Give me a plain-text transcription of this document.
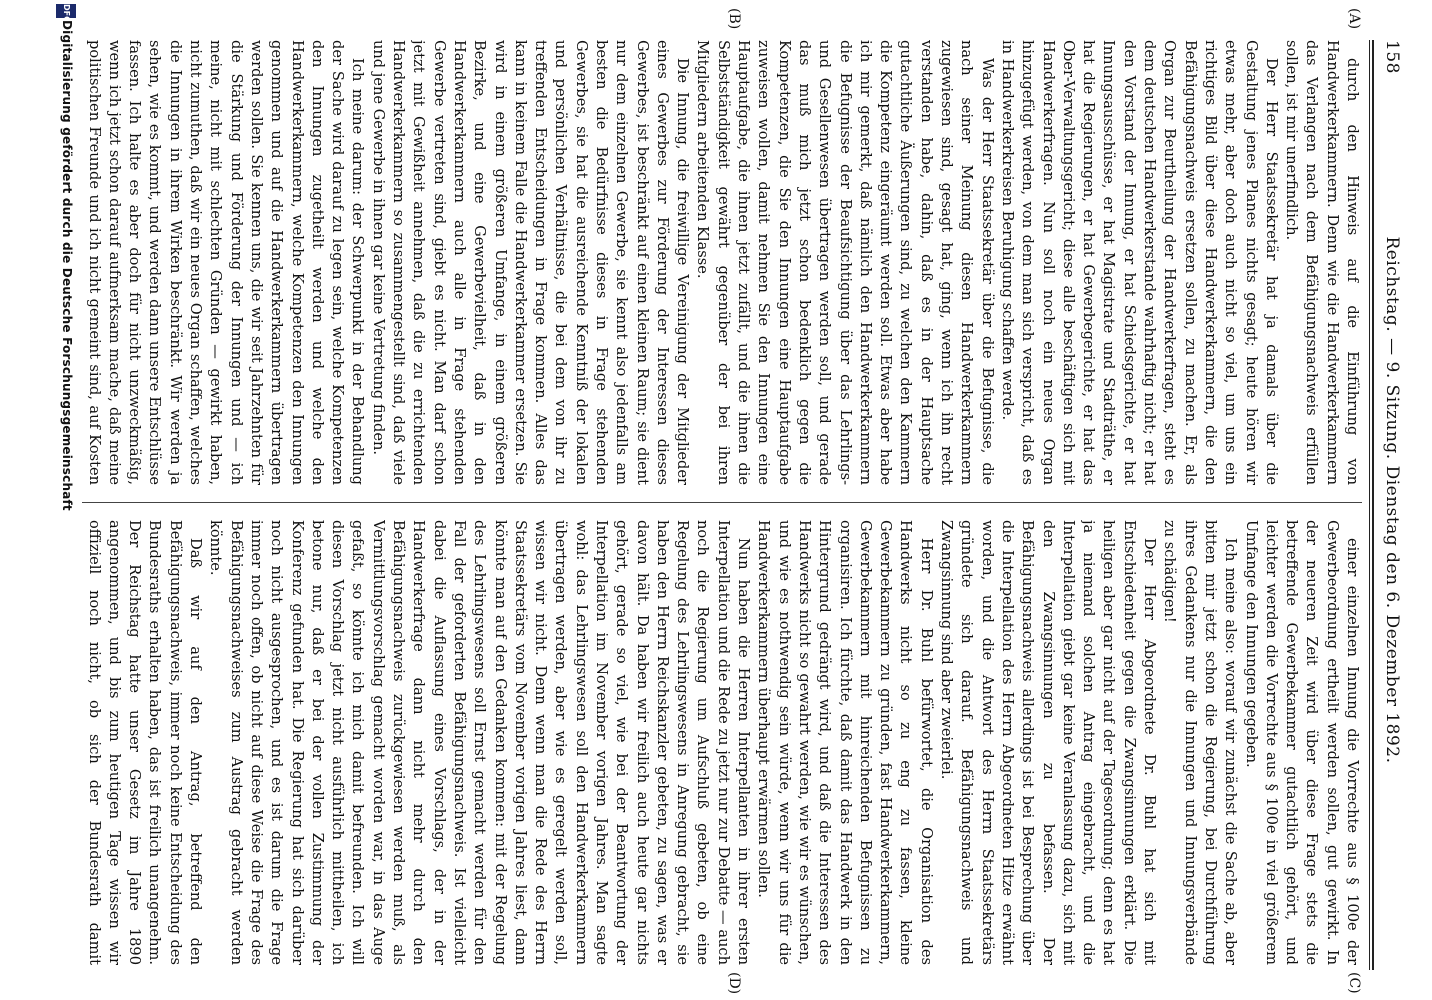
158
Reichstag. — 9. Sitzung. Dienstag den 6. Dezember 1892.
(A)
(B)
(C)
(D)

durch den Hinweis auf die Einführung von Handwerkerkammern. Denn wie die Handwerkerkammern das Verlangen nach dem Befähigungsnachweis erfüllen sollen, ist mir unerfindlich.

Der Herr Staatssekretär hat ja damals über die Gestaltung jenes Planes nichts gesagt; heute hören wir etwas mehr, aber doch auch nicht so viel, um uns ein richtiges Bild über diese Handwerkerkammern, die den Befähigungsnachweis ersetzen sollen, zu machen. Er, als Organ zur Beurtheilung der Handwerkerfragen, steht es dem deutschen Handwerkerstande wahrhaftig nicht; er hat den Vorstand der Innung, er hat Schiedsgerichte, er hat Innungsausschüsse, er hat Magistrate und Stadträthe, er hat die Regierungen, er hat Gewerbegerichte, er hat das Ober-Verwaltungsgericht; diese alle beschäftigen sich mit Handwerkerfragen. Nun soll noch ein neues Organ hinzugefügt werden, von dem man sich verspricht, daß es in Handwerkerkreisen Beruhigung schaffen werde.

Was der Herr Staatssekretär über die Befugnisse, die nach seiner Meinung diesen Handwerkerkammern zugewiesen sind, gesagt hat, ging, wenn ich ihn recht verstanden habe, dahin, daß es in der Hauptsache gutachtliche Äußerungen sind, zu welchen den Kammern die Kompetenz eingeräumt werden soll. Etwas aber habe ich mir gemerkt, daß nämlich den Handwerkerkammern die Befugnisse der Beaufsichtigung über das Lehrlings- und Gesellenwesen übertragen werden soll, und gerade das muß mich jetzt schon bedenklich gegen die Kompetenzen, die Sie den Innungen eine Hauptaufgabe zuweisen wollen, damit nehmen Sie den Innungen eine Hauptaufgabe, die ihnen jetzt zufällt, und die ihnen die Selbstständigkeit gewährt gegenüber der bei ihren Mitgliedern arbeitenden Klasse.

Die Innung, die freiwillige Vereinigung der Mitglieder eines Gewerbes zur Förderung der Interessen dieses Gewerbes, ist beschränkt auf einen kleinen Raum; sie dient nur dem einzelnen Gewerbe, sie kennt also jedenfalls am besten die Bedürfnisse dieses in Frage stehenden Gewerbes, sie hat die ausreichende Kenntniß der lokalen und persönlichen Verhältnisse, die bei dem von ihr zu treffenden Entscheidungen in Frage kommen. Alles das kann in keinem Falle die Handwerkerkammer ersetzen. Sie wird in einem größeren Umfange, in einem größeren Bezirke, und eine Gewerbevielheit, daß in den Handwerkerkammern auch alle in Frage stehenden Gewerbe vertreten sind, giebt es nicht. Man darf schon jetzt mit Gewißheit annehmen, daß die zu errichtenden Handwerkerkammern so zusammengestellt sind, daß viele und jene Gewerbe in ihnen gar keine Vertretung finden.

Ich meine darum: der Schwerpunkt in der Behandlung der Sache wird darauf zu legen sein, welche Kompetenzen den Innungen zugetheilt werden und welche den Handwerkerkammern, welche Kompetenzen den Innungen genommen und auf die Handwerkerkammern übertragen werden sollen. Sie kennen uns, die wir seit Jahrzehnten für die Stärkung und Förderung der Innungen und — ich meine, nicht mit schlechten Gründen — gewirkt haben, nicht zumuthen, daß wir ein neues Organ schaffen, welches die Innungen in ihrem Wirken beschränkt. Wir werden ja sehen, wie es kommt, und werden dann unsere Entschlüsse fassen. Ich halte es aber doch für nicht unzweckmäßig, wenn ich jetzt schon darauf aufmerksam mache, daß meine politischen Freunde und ich nicht gemeint sind, auf Kosten

einer einzelnen Innung die Vorrechte aus § 100e der Gewerbeordnung ertheilt werden sollen, gut gewirkt. In der neueren Zeit wird über diese Frage stets die betreffende Gewerbekammer gutachtlich gehört, und leichter werden die Vorrechte aus § 100e in viel größerem Umfange den Innungen gegeben.

Ich meine also: worauf wir zunächst die Sache ab, aber bitten mir jetzt schon die Regierung, bei Durchführung ihres Gedankens nur die Innungen und Innungsverbände zu schädigen!

Der Herr Abgeordnete Dr. Buhl hat sich mit Entschiedenheit gegen die Zwangsinnungen erklärt. Die heiligen aber gar nicht auf der Tagesordnung; denn es hat ja niemand solchen Antrag eingebracht, und die Interpellation giebt gar keine Veranlassung dazu, sich mit den Zwangsinnungen zu befassen. Der Befähigungsnachweis allerdings ist bei Besprechung über die Interpellation des Herrn Abgeordneten Hitze erwähnt worden, und die Antwort des Herrn Staatssekretärs gründete sich darauf. Befähigungsnachweis und Zwangsinnung sind aber zweierlei.

Herr Dr. Buhl befürwortet, die Organisation des Handwerks nicht so zu eng zu fassen, kleine Gewerbekammern zu gründen, fast Handwerkerkammern, Gewerbekammern mit hinreichenden Befugnissen zu organisiren. Ich fürchte, daß damit das Handwerk in den Hintergrund gedrängt wird, und daß die Interessen des Handwerks nicht so gewahrt werden, wie wir es wünschen, und wie es nothwendig sein würde, wenn wir uns für die Handwerkerkammern überhaupt erwärmen sollen.

Nun haben die Herren Interpellanten in ihrer ersten Interpellation und die Rede zu jetzt nur zur Debatte — auch noch die Regierung um Aufschluß gebeten, ob eine Regelung des Lehrlingswesens in Anregung gebracht, sie haben den Herrn Reichskanzler gebeten, zu sagen, was er davon hält. Da haben wir freilich auch heute gar nichts gehört, gerade so viel, wie bei der Beantwortung der Interpellation im November vorigen Jahres. Man sagte wohl: das Lehrlingswesen soll den Handwerkerkammern übertragen werden, aber wie es geregelt werden soll, wissen wir nicht. Denn wenn man die Rede des Herrn Staatssekretärs vom November vorigen Jahres liest, dann könnte man auf den Gedanken kommen: mit der Regelung des Lehrlingswesens soll Ernst gemacht werden für den Fall der geforderten Befähigungsnachweis. Ist vielleicht dabei die Auflassung eines Vorschlags, der in der Handwerkerfrage dann nicht mehr durch den Befähigungsnachweis zurückgewiesen werden muß, als Vermittlungsvorschlag gemacht worden war, in das Auge gefaßt, so könnte ich mich damit befreunden. Ich will diesen Vorschlag jetzt nicht ausführlich mittheilen, ich betone nur, daß er bei der vollen Zustimmung der Konferenz gefunden hat. Die Regierung hat sich darüber noch nicht ausgesprochen, und es ist darum die Frage immer noch offen, ob nicht auf diese Weise die Frage des Befähigungsnachweises zum Austrag gebracht werden könnte.

Daß wir auf den Antrag, betreffend den Befähigungsnachweis, immer noch keine Entscheidung des Bundesraths erhalten haben, das ist freilich unangenehm. Der Reichstag hatte unser Gesetz im Jahre 1890 angenommen, und bis zum heutigen Tage wissen wir offiziell noch nicht, ob sich der Bundesrath damit

DFG
Digitalisierung gefördert durch die Deutsche Forschungsgemeinschaft
